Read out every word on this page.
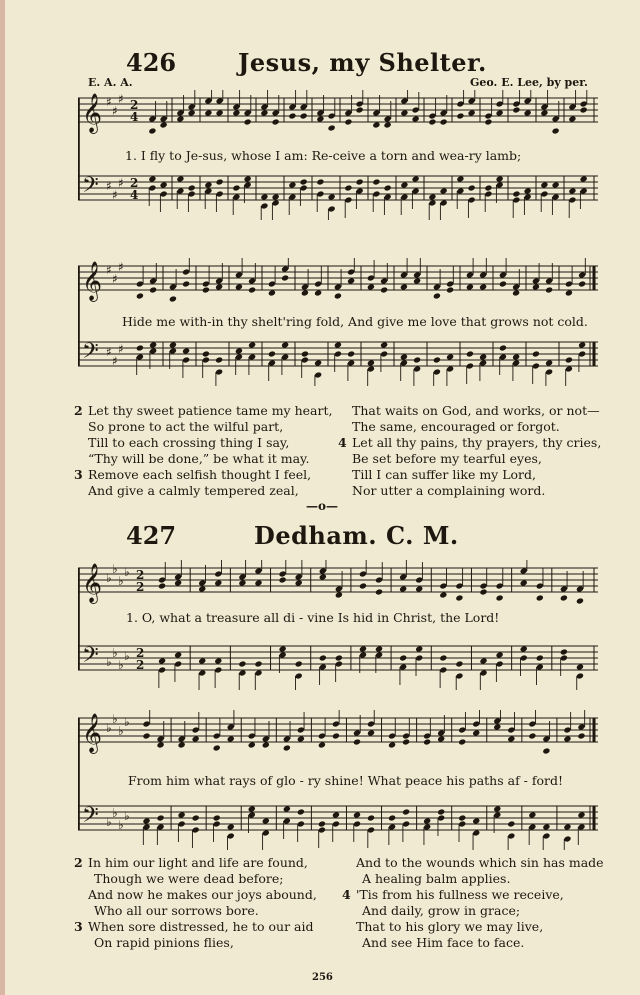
426	Jesus, my Shelter.
E. A. A.	Geo. E. Lee, by per.
𝄞
𝄢
♯
♯
♯
♯
♯
♯
2
4
2
4
1. I fly to Je-sus, whose I am: Re-ceive a torn and wea-ry lamb;
𝄞
𝄢
♯
♯
♯
♯
♯
♯
Hide me with-in thy shelt'ring fold, And give me love that grows not cold.
2 Let thy sweet patience tame my heart,
So prone to act the wilful part,
Till to each crossing thing I say,
“Thy will be done,” be what it may.
3 Remove each selfish thought I feel,
And give a calmly tempered zeal,
That waits on God, and works, or not—
The same, encouraged or forgot.
4 Let all thy pains, thy prayers, thy cries,
Be set before my tearful eyes,
Till I can suffer like my Lord,
Nor utter a complaining word.
—o—
427	Dedham. C. M.
𝄞
𝄢
♭
♭
♭
♭
♭
♭
♭
♭
2
2
2
2
1. O, what a treasure all di - vine Is hid in Christ, the Lord!
𝄞
𝄢
♭
♭
♭
♭
♭
♭
♭
♭
From him what rays of glo - ry shine! What peace his paths af - ford!
2 In him our light and life are found,
Though we were dead before;
And now he makes our joys abound,
Who all our sorrows bore.
3 When sore distressed, he to our aid
On rapid pinions flies,
And to the wounds which sin has made
A healing balm applies.
4 'Tis from his fullness we receive,
And daily, grow in grace;
That to his glory we may live,
And see Him face to face.
256
